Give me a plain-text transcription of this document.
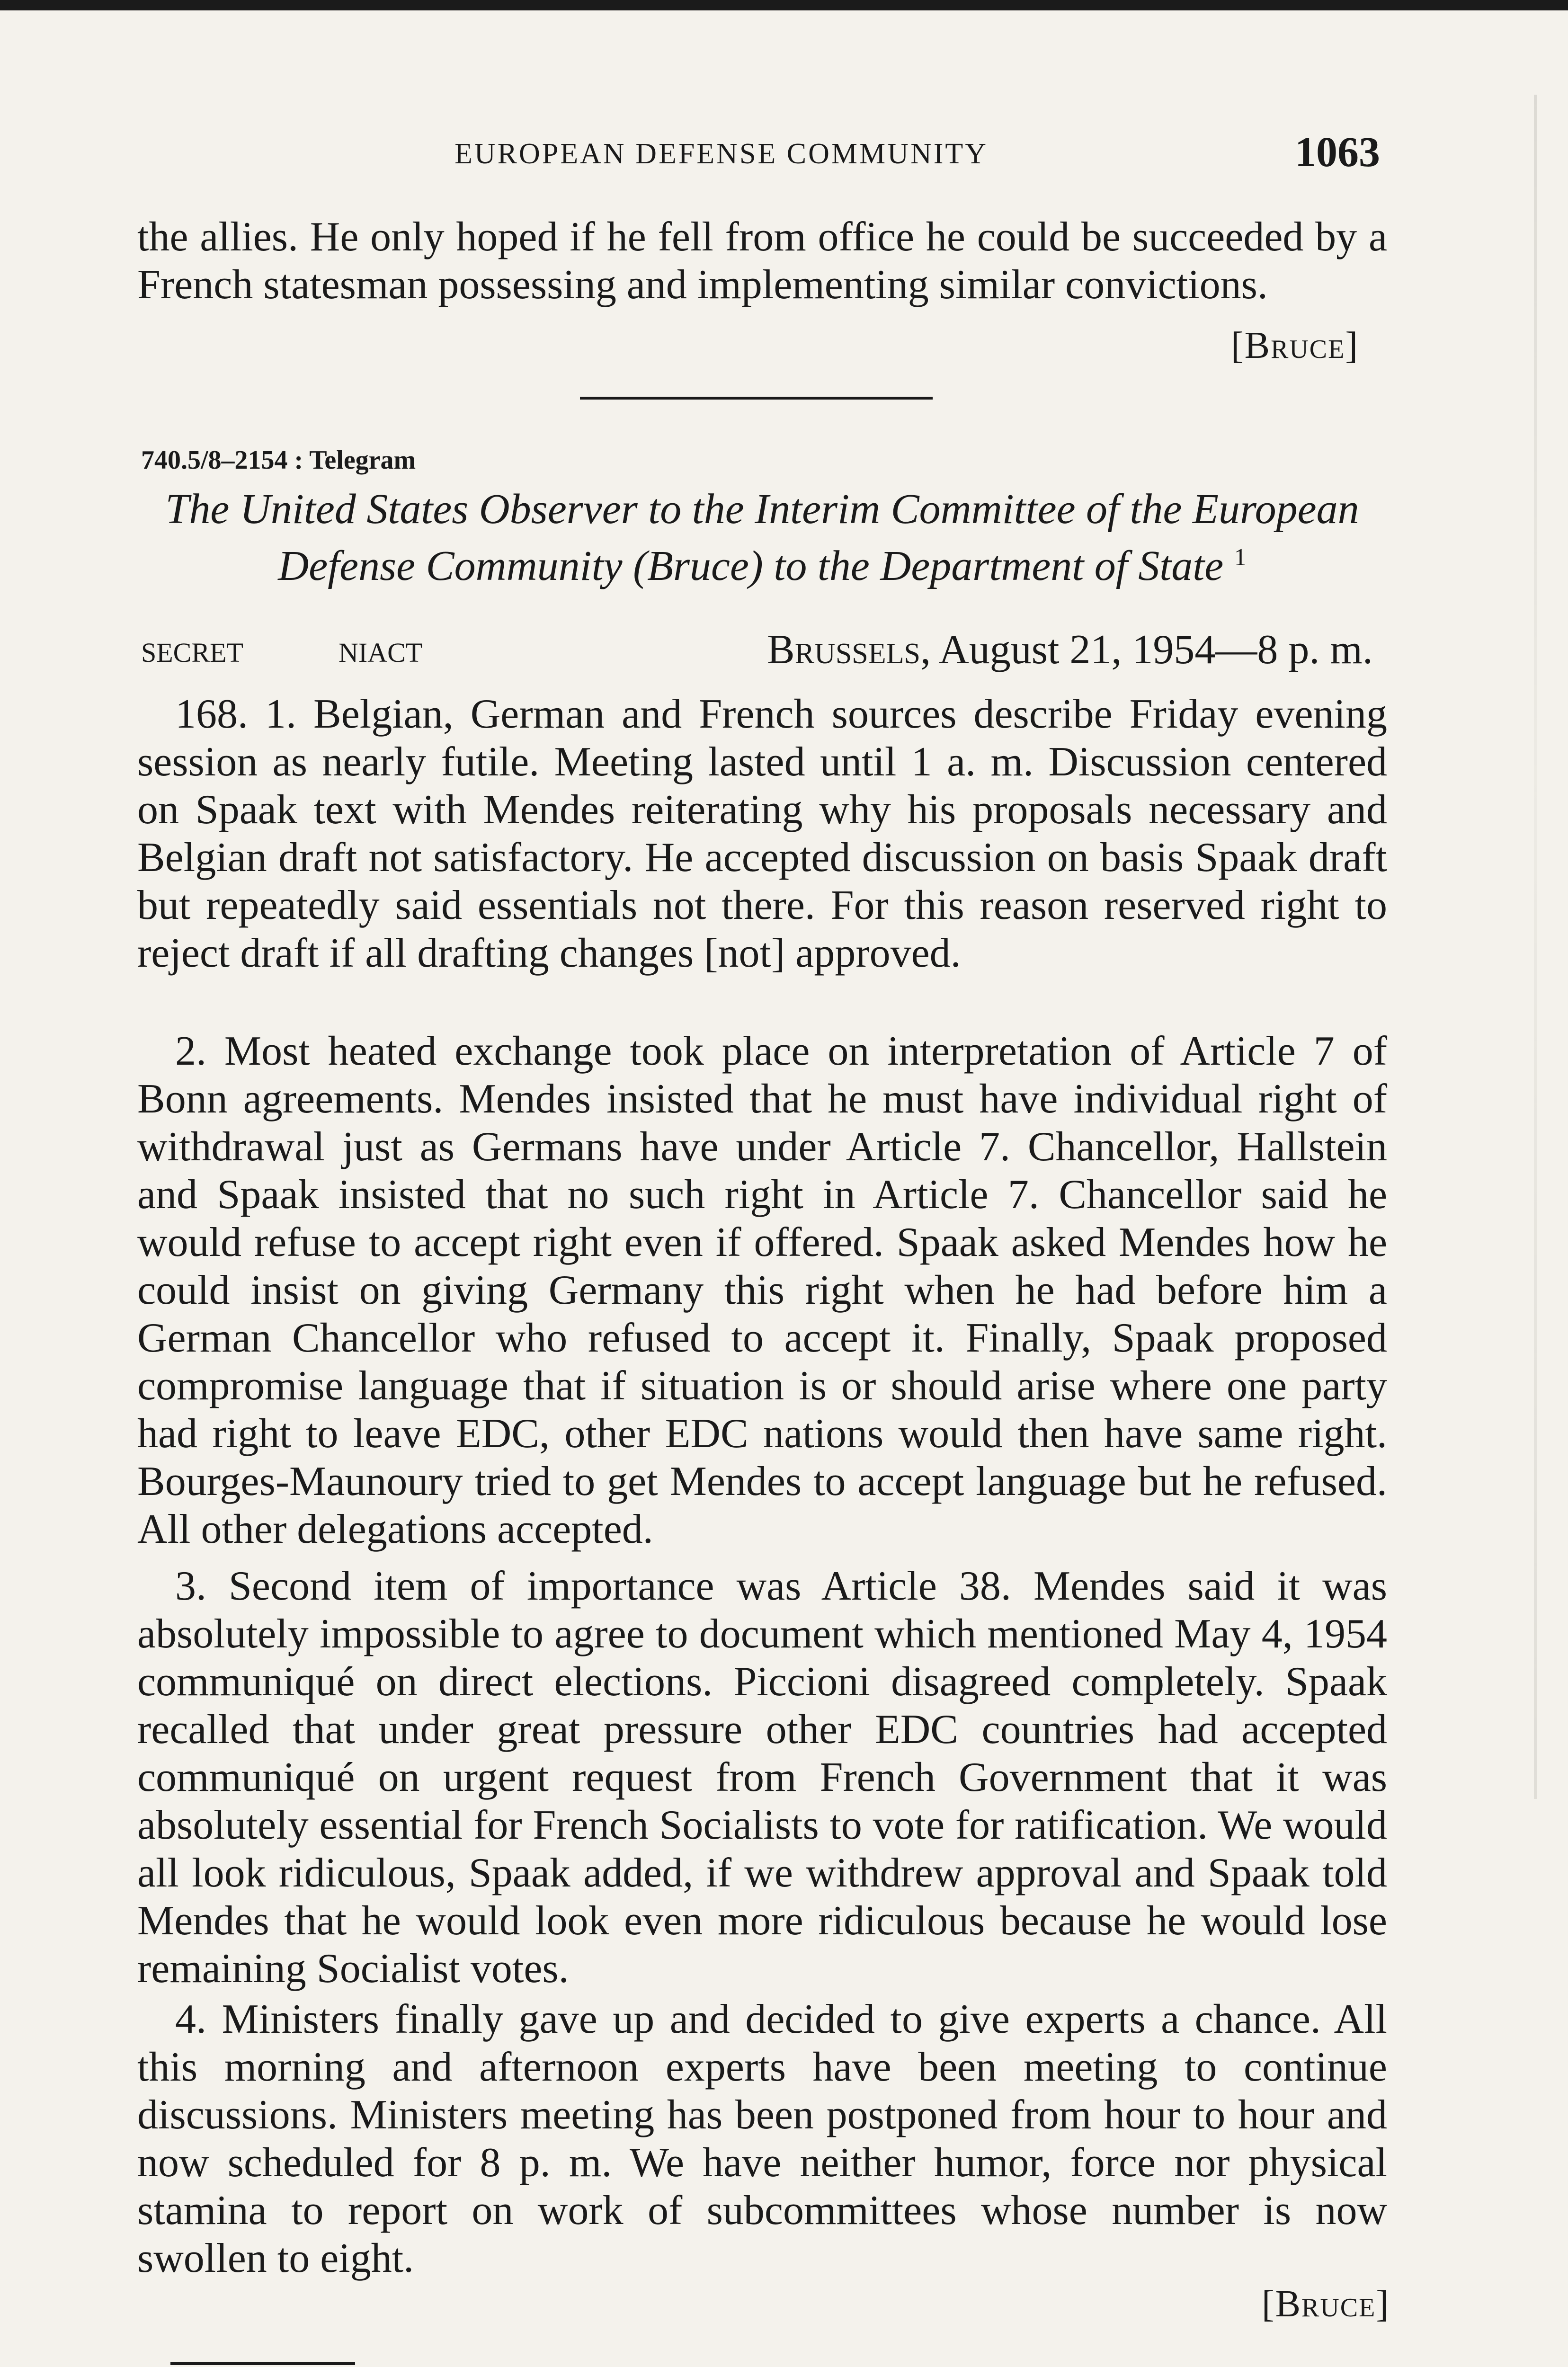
EUROPEAN DEFENSE COMMUNITY	1063

the allies. He only hoped if he fell from office he could be succeeded by a French statesman possessing and implementing similar convictions.

[Bruce]
740.5/8–2154 : Telegram
The United States Observer to the Interim Committee of the European Defense Community (Bruce) to the Department of State $^1$
SECRET	NIACT	Brussels, August 21, 1954—8 p. m.

168. 1. Belgian, German and French sources describe Friday evening session as nearly futile. Meeting lasted until 1 a. m. Discussion centered on Spaak text with Mendes reiterating why his proposals necessary and Belgian draft not satisfactory. He accepted discussion on basis Spaak draft but repeatedly said essentials not there. For this reason reserved right to reject draft if all drafting changes [not] approved.

2. Most heated exchange took place on interpretation of Article 7 of Bonn agreements. Mendes insisted that he must have individual right of withdrawal just as Germans have under Article 7. Chancellor, Hallstein and Spaak insisted that no such right in Article 7. Chancellor said he would refuse to accept right even if offered. Spaak asked Mendes how he could insist on giving Germany this right when he had before him a German Chancellor who refused to accept it. Finally, Spaak proposed compromise language that if situation is or should arise where one party had right to leave EDC, other EDC nations would then have same right. Bourges-Maunoury tried to get Mendes to accept language but he refused. All other delegations accepted.

3. Second item of importance was Article 38. Mendes said it was absolutely impossible to agree to document which mentioned May 4, 1954 communiqué on direct elections. Piccioni disagreed completely. Spaak recalled that under great pressure other EDC countries had accepted communiqué on urgent request from French Government that it was absolutely essential for French Socialists to vote for ratification. We would all look ridiculous, Spaak added, if we withdrew approval and Spaak told Mendes that he would look even more ridiculous because he would lose remaining Socialist votes.

4. Ministers finally gave up and decided to give experts a chance. All this morning and afternoon experts have been meeting to continue discussions. Ministers meeting has been postponed from hour to hour and now scheduled for 8 p. m. We have neither humor, force nor physical stamina to report on work of subcommittees whose number is now swollen to eight.

[Bruce]
